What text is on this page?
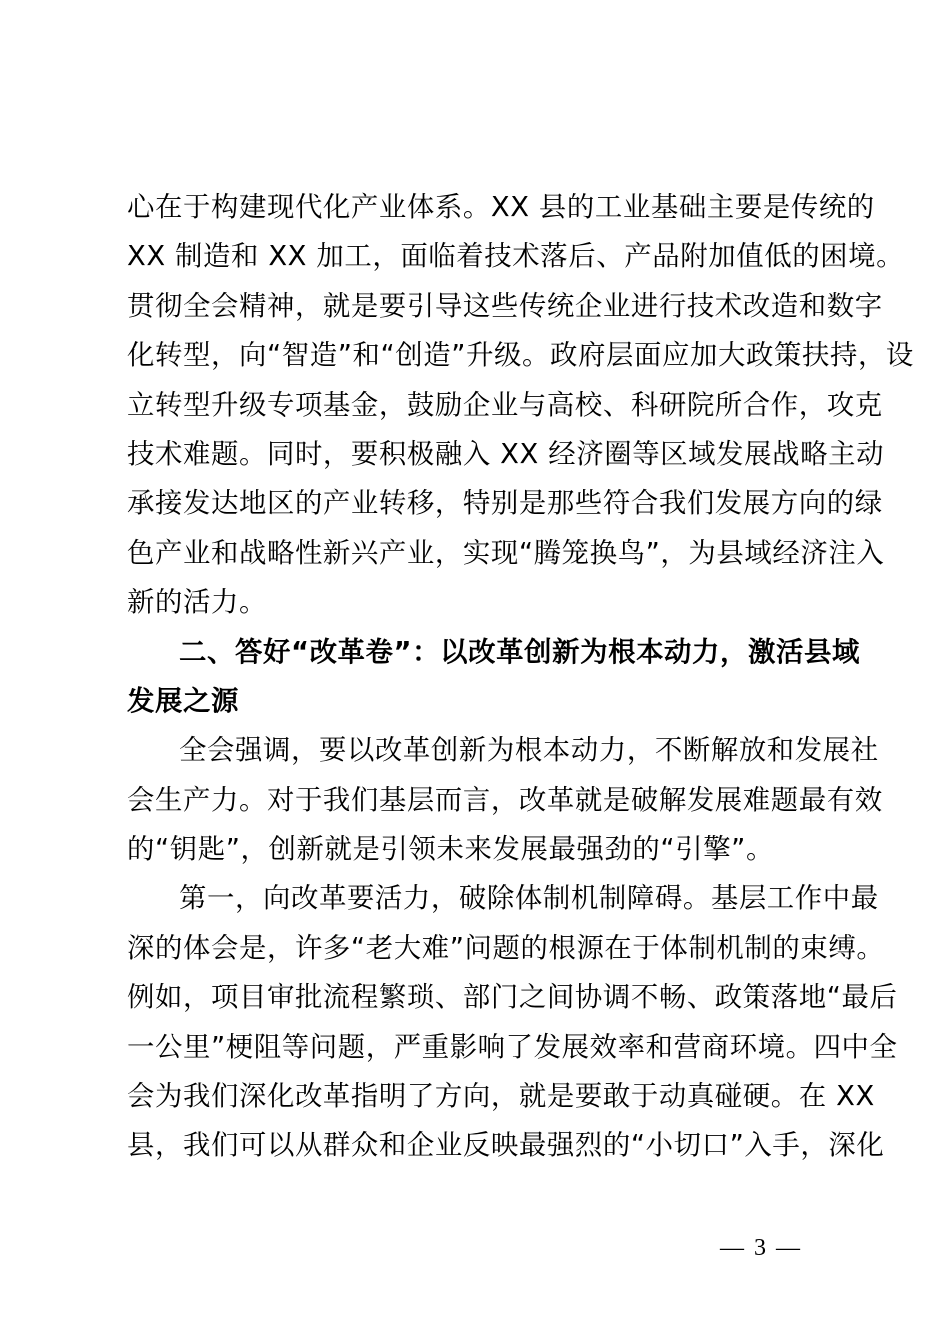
心在于构建现代化产业体系。XX 县的工业基础主要是传统的
XX 制造和 XX 加工，面临着技术落后、产品附加值低的困境。
贯彻全会精神，就是要引导这些传统企业进行技术改造和数字
化转型，向“智造”和“创造”升级。政府层面应加大政策扶持，设
立转型升级专项基金，鼓励企业与高校、科研院所合作，攻克
技术难题。同时，要积极融入 XX 经济圈等区域发展战略主动
承接发达地区的产业转移，特别是那些符合我们发展方向的绿
色产业和战略性新兴产业，实现“腾笼换鸟”，为县域经济注入
新的活力。
二、答好“改革卷”：以改革创新为根本动力，激活县域
发展之源
全会强调，要以改革创新为根本动力，不断解放和发展社
会生产力。对于我们基层而言，改革就是破解发展难题最有效
的“钥匙”，创新就是引领未来发展最强劲的“引擎”。
第一，向改革要活力，破除体制机制障碍。基层工作中最
深的体会是，许多“老大难”问题的根源在于体制机制的束缚。
例如，项目审批流程繁琐、部门之间协调不畅、政策落地“最后
一公里”梗阻等问题，严重影响了发展效率和营商环境。四中全
会为我们深化改革指明了方向，就是要敢于动真碰硬。在 XX
县，我们可以从群众和企业反映最强烈的“小切口”入手，深化
— 3 —
